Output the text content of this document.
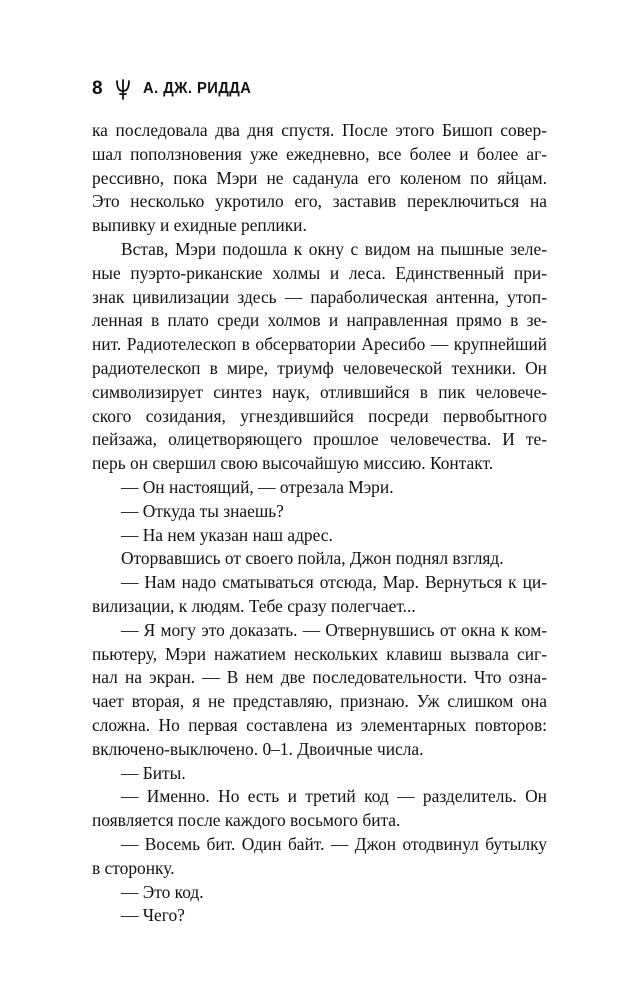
8	А. ДЖ. РИДДА
ка последовала два дня спустя. После этого Бишоп совер-
шал поползновения уже ежедневно, все более и более аг-
рессивно, пока Мэри не саданула его коленом по яйцам.
Это несколько укротило его, заставив переключиться на
выпивку и ехидные реплики.
Встав, Мэри подошла к окну с видом на пышные зеле-
ные пуэрто-риканские холмы и леса. Единственный при-
знак цивилизации здесь — параболическая антенна, утоп-
ленная в плато среди холмов и направленная прямо в зе-
нит. Радиотелескоп в обсерватории Аресибо — крупнейший
радиотелескоп в мире, триумф человеческой техники. Он
символизирует синтез наук, отлившийся в пик человече-
ского созидания, угнездившийся посреди первобытного
пейзажа, олицетворяющего прошлое человечества. И те-
перь он свершил свою высочайшую миссию. Контакт.
— Он настоящий, — отрезала Мэри.
— Откуда ты знаешь?
— На нем указан наш адрес.
Оторвавшись от своего пойла, Джон поднял взгляд.
— Нам надо сматываться отсюда, Мар. Вернуться к ци-
вилизации, к людям. Тебе сразу полегчает...
— Я могу это доказать. — Отвернувшись от окна к ком-
пьютеру, Мэри нажатием нескольких клавиш вызвала сиг-
нал на экран. — В нем две последовательности. Что озна-
чает вторая, я не представляю, признаю. Уж слишком она
сложна. Но первая составлена из элементарных повторов:
включено-выключено. 0–1. Двоичные числа.
— Биты.
— Именно. Но есть и третий код — разделитель. Он
появляется после каждого восьмого бита.
— Восемь бит. Один байт. — Джон отодвинул бутылку
в сторонку.
— Это код.
— Чего?
